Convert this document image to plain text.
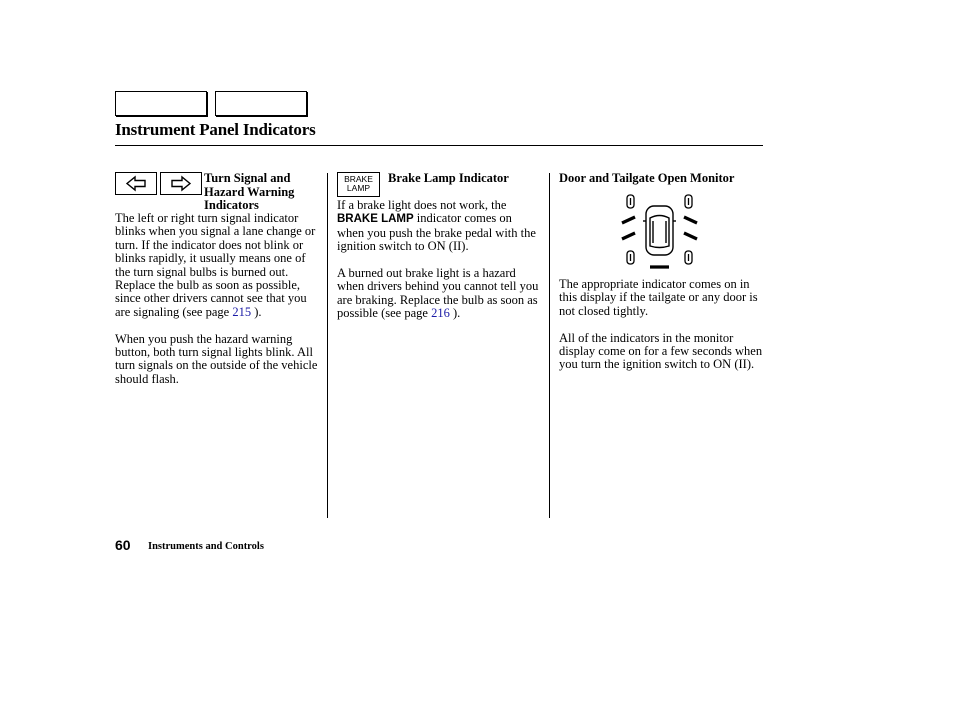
Instrument Panel Indicators
Turn Signal and
Hazard Warning
Indicators

The left or right turn signal indicator blinks when you signal a lane change or turn. If the indicator does not blink or blinks rapidly, it usually means one of the turn signal bulbs is burned out. Replace the bulb as soon as possible, since other drivers cannot see that you are signaling (see page 215 ).

When you push the hazard warning button, both turn signal lights blink. All turn signals on the outside of the vehicle should flash.

BRAKE
LAMP
Brake Lamp Indicator

If a brake light does not work, the BRAKE LAMP indicator comes on when you push the brake pedal with the ignition switch to ON (II).

A burned out brake light is a hazard when drivers behind you cannot tell you are braking. Replace the bulb as soon as possible (see page 216 ).

Door and Tailgate Open Monitor

The appropriate indicator comes on in this display if the tailgate or any door is not closed tightly.

All of the indicators in the monitor display come on for a few seconds when you turn the ignition switch to ON (II).

60 Instruments and Controls
